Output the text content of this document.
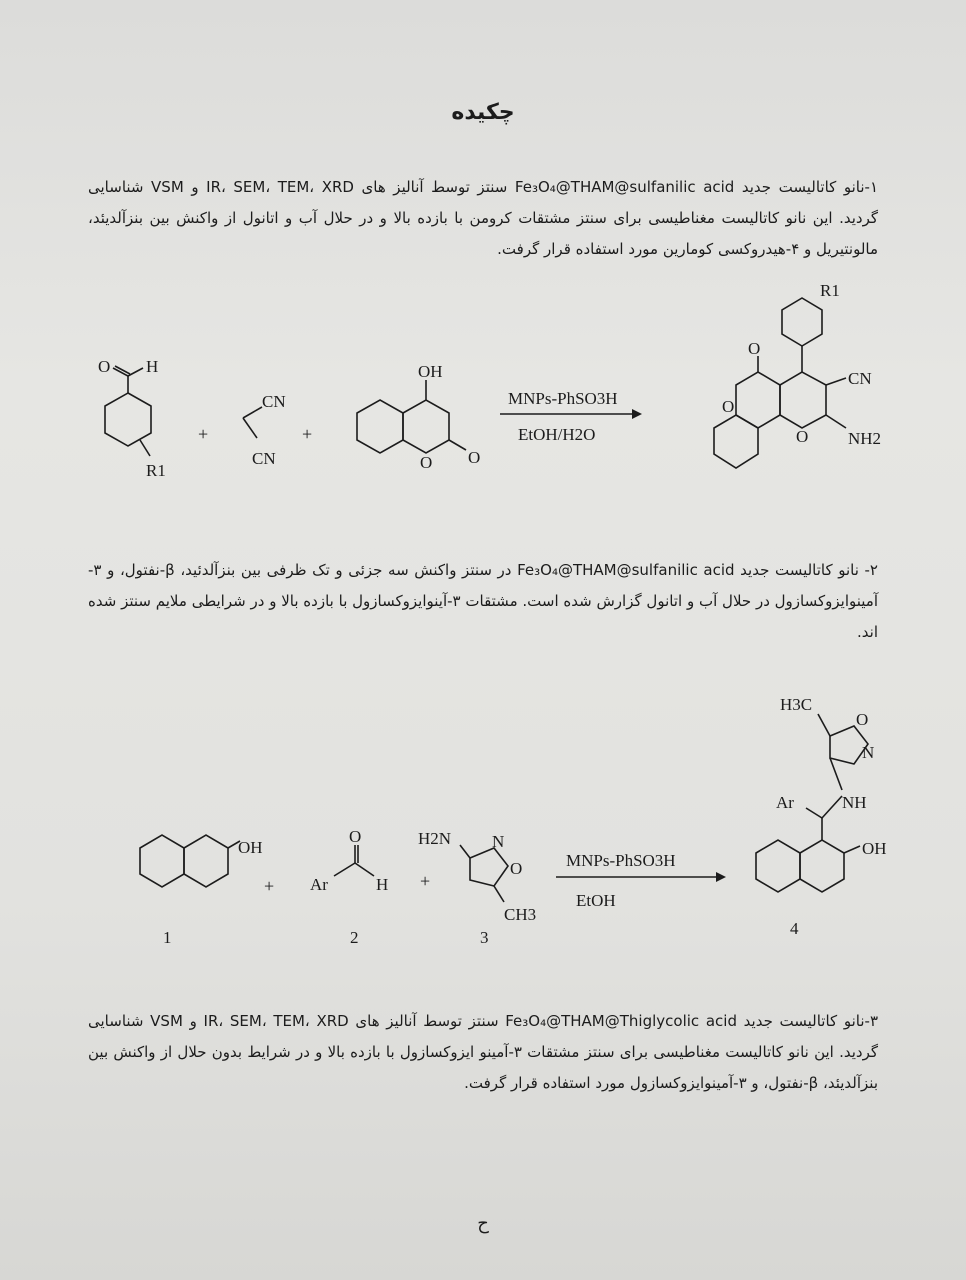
چکیده
۱-نانو کاتالیست جدید Fe₃O₄@THAM@sulfanilic acid سنتز توسط آنالیز های IR، SEM، TEM، XRD و VSM شناسایی گردید. این نانو کاتالیست مغناطیسی برای سنتز مشتقات کرومن با بازده بالا و در حلال آب و اتانول از واکنش بین بنزآلدیئد، مالونتیریل و ۴-هیدروکسی کومارین مورد استفاده قرار گرفت.
O H
R1
+
CN
CN
+
OH
O O
MNPs-PhSO3H
EtOH/H2O
R1
O
CN
O
O NH2
۲- نانو کاتالیست جدید Fe₃O₄@THAM@sulfanilic acid در سنتز واکنش سه جزئی و تک ظرفی بین بنزآلدئید، β-نفتول، و ۳-آمینوایزوکسازول در حلال آب و اتانول گزارش شده است. مشتقات ۳-آینوایزوکسازول با بازده بالا و در شرایطی ملایم سنتز شده اند.
OH
1
+
O
Ar	H
2
+
H2N N
O
CH3
3
MNPs-PhSO3H
EtOH
H3C
O
N
NH
Ar
OH
4
۳-نانو کاتالیست جدید Fe₃O₄@THAM@Thiglycolic acid سنتز توسط آنالیز های IR، SEM، TEM، XRD و VSM شناسایی گردید. این نانو کاتالیست مغناطیسی برای سنتز مشتقات ۳-آمینو ایزوکسازول با بازده بالا و در شرایط بدون حلال از واکنش بین بنزآلدیئد، β-نفتول، و ۳-آمینوایزوکسازول مورد استفاده قرار گرفت.
ح
